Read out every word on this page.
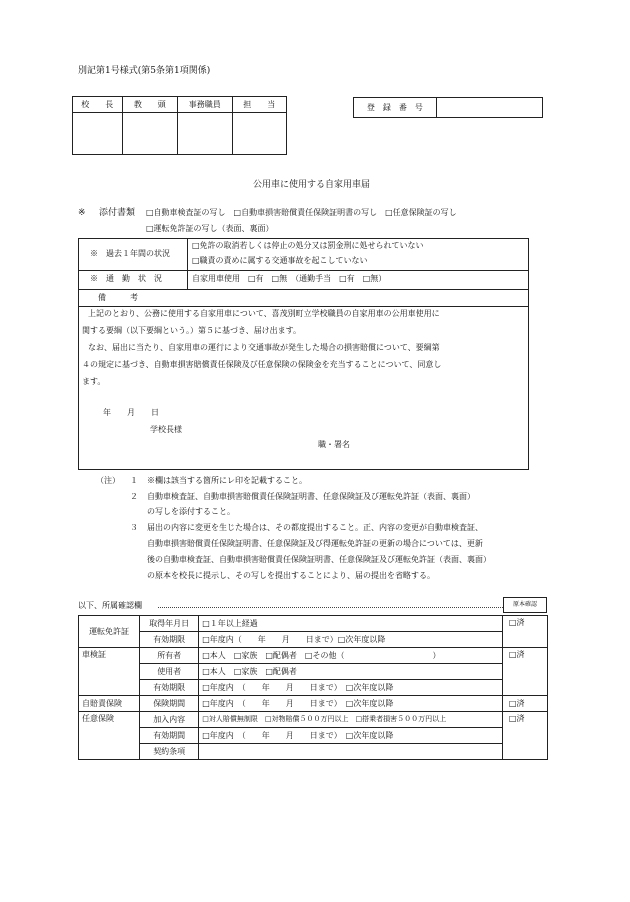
別記第1号様式(第5条第1項関係)
校　　長	教　　頭	事務職員	担　　当
				登　録　番　号	
公用車に使用する自家用車届
※ 添付書類 □自動車検査証の写し　□自動車損害賠償責任保険証明書の写し　□任意保険証の写し
□運転免許証の写し（表面、裏面）
※　過去１年間の状況
□免許の取消若しくは停止の処分又は罰金刑に処せられていない
□職責の責めに属する交通事故を起こしていない
※　通　勤　状　況	自家用車使用　□有　□無　（通勤手当　□有　□無）
備　　　考
上記のとおり、公務に使用する自家用車について、喜茂別町立学校職員の自家用車の公用車使用に
関する要綱（以下要綱という。）第５に基づき、届け出ます。
なお、届出に当たり、自家用車の運行により交通事故が発生した場合の損害賠償について、要綱第
４の規定に基づき、自動車損害賠償責任保険及び任意保険の保険金を充当することについて、同意し
ます。
年　　月　　日
学校長様
職・署名
（注） １ ※欄は該当する箇所にレ印を記載すること。
２ 自動車検査証、自動車損害賠償責任保険証明書、任意保険証及び運転免許証（表面、裏面）
の写しを添付すること。
３ 届出の内容に変更を生じた場合は、その都度提出すること。正、内容の変更が自動車検査証、
自動車損害賠償責任保険証明書、任意保険証及び得運転免許証の更新の場合については、更新
後の自動車検査証、自動車損害賠償責任保険証明書、任意保険証及び運転免許証（表面、裏面）
の原本を校長に提示し、その写しを提出することにより、届の提出を省略する。
以下、所属確認欄	原本確認
運転免許証	取得年月日	□１年以上経過	□済
	有効期限	□年度内（　　年　　月　　日まで）□次年度以降	
車検証	所有者	□本人　□家族　□配偶者　□その他（　　　　　　　　　　　）	□済
	使用者	□本人　□家族　□配偶者	
	有効期限	□年度内　（　　年　　月　　日まで）　□次年度以降	
自賠責保険	保険期間	□年度内　（　　年　　月　　日まで）　□次年度以降	□済
任意保険	加入内容	□対人賠償無制限　□対物賠償５００万円以上　□搭乗者損害５００万円以上	□済
	有効期間	□年度内　（　　年　　月　　日まで）　□次年度以降	
	契約条項		
